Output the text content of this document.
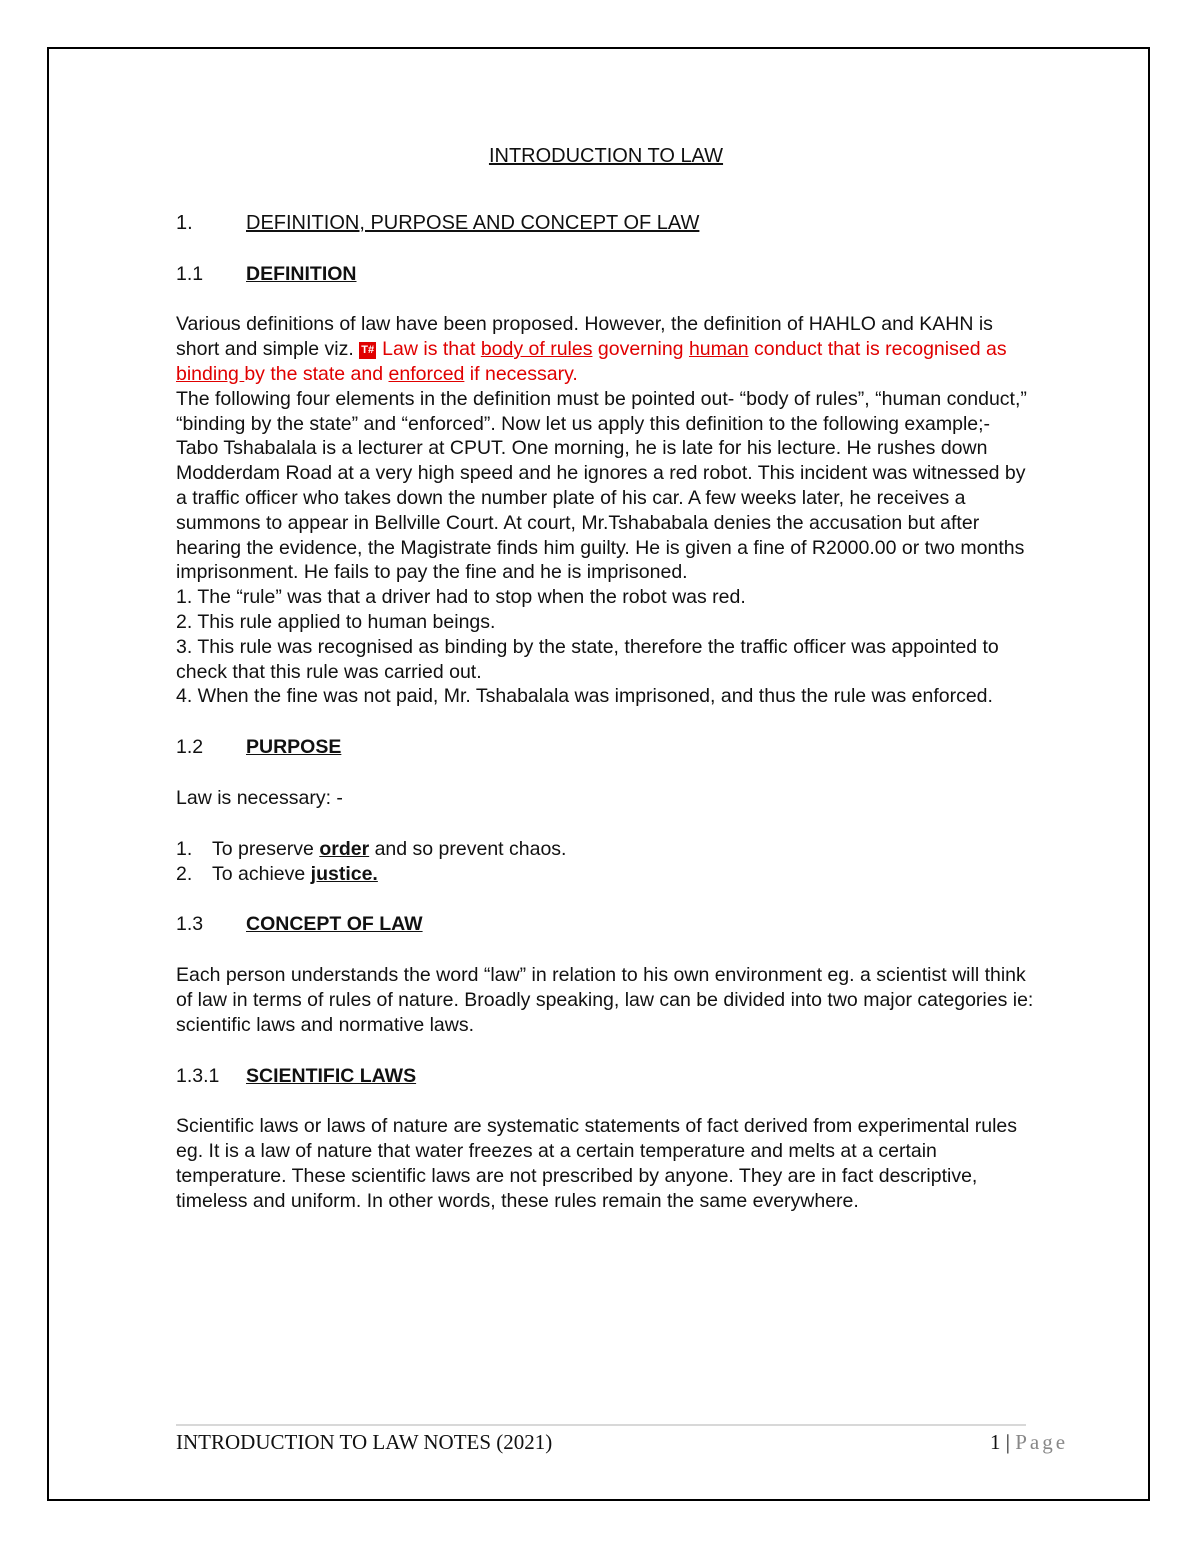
INTRODUCTION TO LAW
1.	DEFINITION, PURPOSE AND CONCEPT OF LAW
1.1	DEFINITION

Various definitions of law have been proposed. However, the definition of HAHLO and KAHN is short and simple viz. T# Law is that body of rules governing human conduct that is recognised as binding by the state and enforced if necessary.

The following four elements in the definition must be pointed out- “body of rules”, “human conduct,” “binding by the state” and “enforced”. Now let us apply this definition to the following example;-

Tabo Tshabalala is a lecturer at CPUT. One morning, he is late for his lecture. He rushes down Modderdam Road at a very high speed and he ignores a red robot. This incident was witnessed by a traffic officer who takes down the number plate of his car. A few weeks later, he receives a summons to appear in Bellville Court. At court, Mr.Tshababala denies the accusation but after hearing the evidence, the Magistrate finds him guilty. He is given a fine of R2000.00 or two months imprisonment. He fails to pay the fine and he is imprisoned.

1. The “rule” was that a driver had to stop when the robot was red.

2. This rule applied to human beings.

3. This rule was recognised as binding by the state, therefore the traffic officer was appointed to check that this rule was carried out.

4. When the fine was not paid, Mr. Tshabalala was imprisoned, and thus the rule was enforced.

1.2	PURPOSE

Law is necessary: -

1.	To preserve order and so prevent chaos.
2.	To achieve justice.
1.3	CONCEPT OF LAW

Each person understands the word “law” in relation to his own environment eg. a scientist will think of law in terms of rules of nature. Broadly speaking, law can be divided into two major categories ie: scientific laws and normative laws.

1.3.1	SCIENTIFIC LAWS

Scientific laws or laws of nature are systematic statements of fact derived from experimental rules eg. It is a law of nature that water freezes at a certain temperature and melts at a certain temperature. These scientific laws are not prescribed by anyone. They are in fact descriptive, timeless and uniform. In other words, these rules remain the same everywhere.

INTRODUCTION TO LAW NOTES (2021)	1 | Page
